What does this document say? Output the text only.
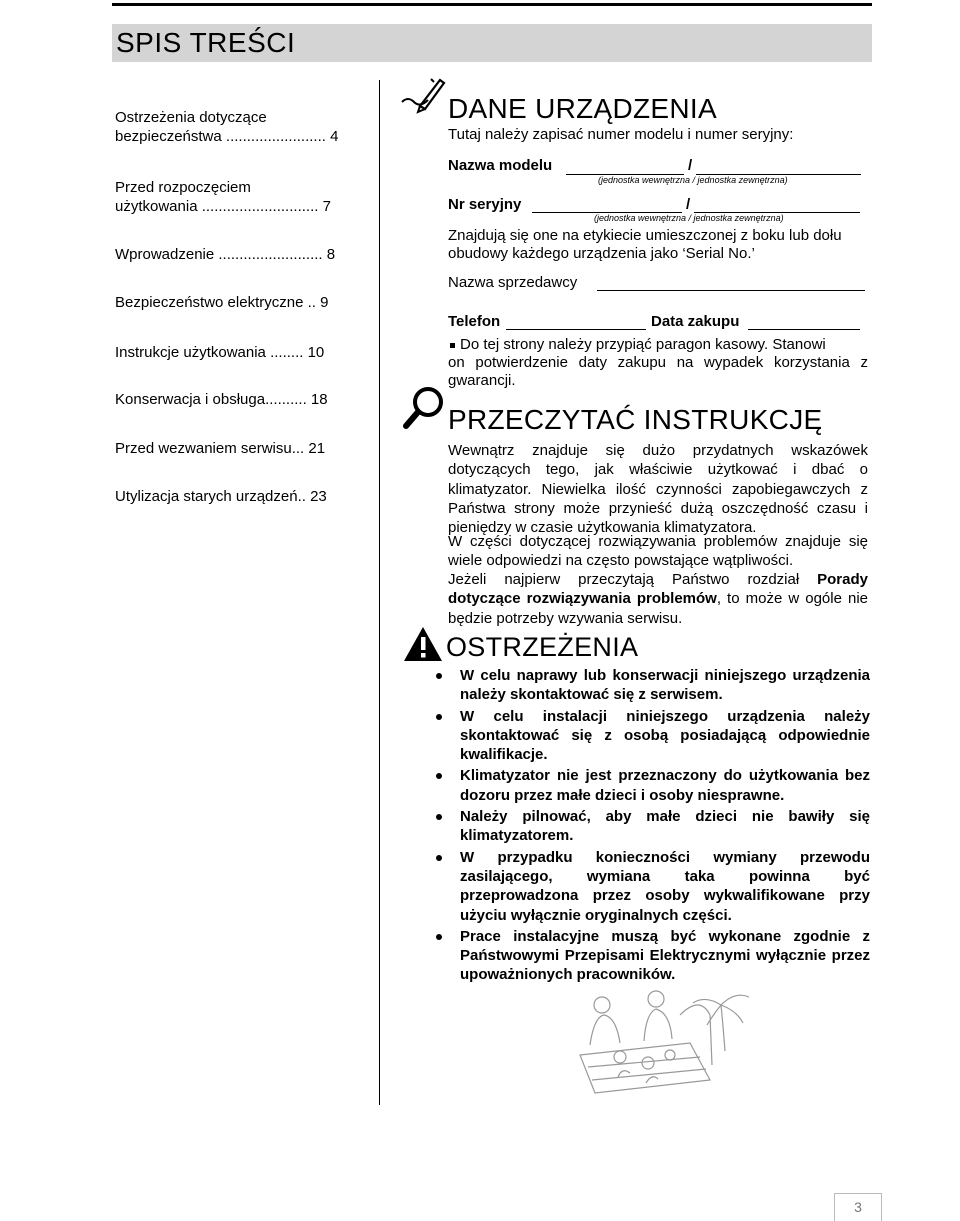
SPIS TREŚCI
Ostrzeżenia dotyczące
bezpieczeństwa ........................ 4
Przed rozpoczęciem
użytkowania ............................ 7
Wprowadzenie ......................... 8
Bezpieczeństwo elektryczne .. 9
Instrukcje użytkowania ........ 10
Konserwacja i obsługa.......... 18
Przed wezwaniem serwisu... 21
Utylizacja starych urządzeń.. 23
DANE URZĄDZENIA
Tutaj należy zapisać numer modelu i numer seryjny:
Nazwa modelu	/
(jednostka wewnętrzna / jednostka zewnętrzna)
Nr seryjny	/
(jednostka wewnętrzna / jednostka zewnętrzna)
Znajdują się one na etykiecie umieszczonej z boku lub dołu
obudowy każdego urządzenia jako ‘Serial No.’
Nazwa sprzedawcy
Telefon	Data zakupu
Do tej strony należy przypiąć paragon kasowy. Stanowi
on potwierdzenie daty zakupu na wypadek korzystania z
gwarancji.
PRZECZYTAĆ INSTRUKCJĘ
Wewnątrz znajduje się dużo przydatnych wskazówek dotyczących tego, jak właściwie użytkować i dbać o klimatyzator. Niewielka ilość czynności zapobiegawczych z Państwa strony może przynieść dużą oszczędność czasu i pieniędzy w czasie użytkowania klimatyzatora.
W części dotyczącej rozwiązywania problemów znajduje się wiele odpowiedzi na często powstające wątpliwości.
Jeżeli najpierw przeczytają Państwo rozdział Porady dotyczące rozwiązywania problemów, to może w ogóle nie będzie potrzeby wzywania serwisu.
OSTRZEŻENIA
W celu naprawy lub konserwacji niniejszego urządzenia należy skontaktować się z serwisem.
W celu instalacji niniejszego urządzenia należy skontaktować się z osobą posiadającą odpowiednie kwalifikacje.
Klimatyzator nie jest przeznaczony do użytkowania bez dozoru przez małe dzieci i osoby niesprawne.
Należy pilnować, aby małe dzieci nie bawiły się klimatyzatorem.
W przypadku konieczności wymiany przewodu zasilającego, wymiana taka powinna być przeprowadzona przez osoby wykwalifikowane przy użyciu wyłącznie oryginalnych części.
Prace instalacyjne muszą być wykonane zgodnie z Państwowymi Przepisami Elektrycznymi wyłącznie przez upoważnionych pracowników.
3
